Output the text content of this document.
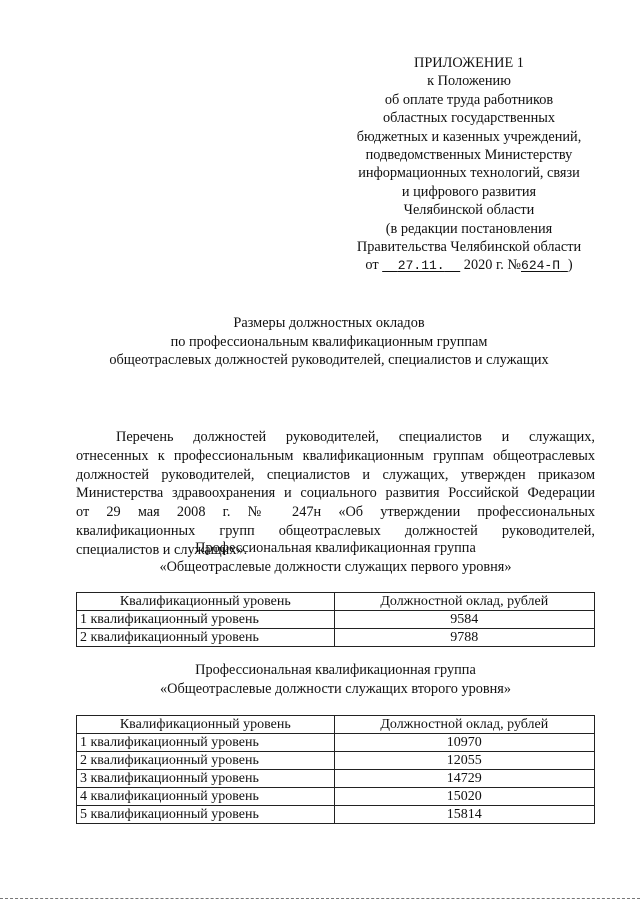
ПРИЛОЖЕНИЕ 1
к Положению
об оплате труда работников
областных государственных
бюджетных и казенных учреждений,
подведомственных Министерству
информационных технологий, связи
и цифрового развития
Челябинской области
(в редакции постановления
Правительства Челябинской области
от 27.11. 2020 г. №624-П )
Размеры должностных окладов
по профессиональным квалификационным группам
общеотраслевых должностей руководителей, специалистов и служащих
Перечень должностей руководителей, специалистов и служащих,
отнесенных к профессиональным квалификационным группам общеотраслевых
должностей руководителей, специалистов и служащих, утвержден приказом
Министерства здравоохранения и социального развития Российской Федерации
от 29 мая 2008 г. № 247н «Об утверждении профессиональных
квалификационных групп общеотраслевых должностей руководителей,
специалистов и служащих».
Профессиональная квалификационная группа
«Общеотраслевые должности служащих первого уровня»
Квалификационный уровень	Должностной оклад, рублей
1 квалификационный уровень	9584
2 квалификационный уровень	9788
Профессиональная квалификационная группа
«Общеотраслевые должности служащих второго уровня»
Квалификационный уровень	Должностной оклад, рублей
1 квалификационный уровень	10970
2 квалификационный уровень	12055
3 квалификационный уровень	14729
4 квалификационный уровень	15020
5 квалификационный уровень	15814
